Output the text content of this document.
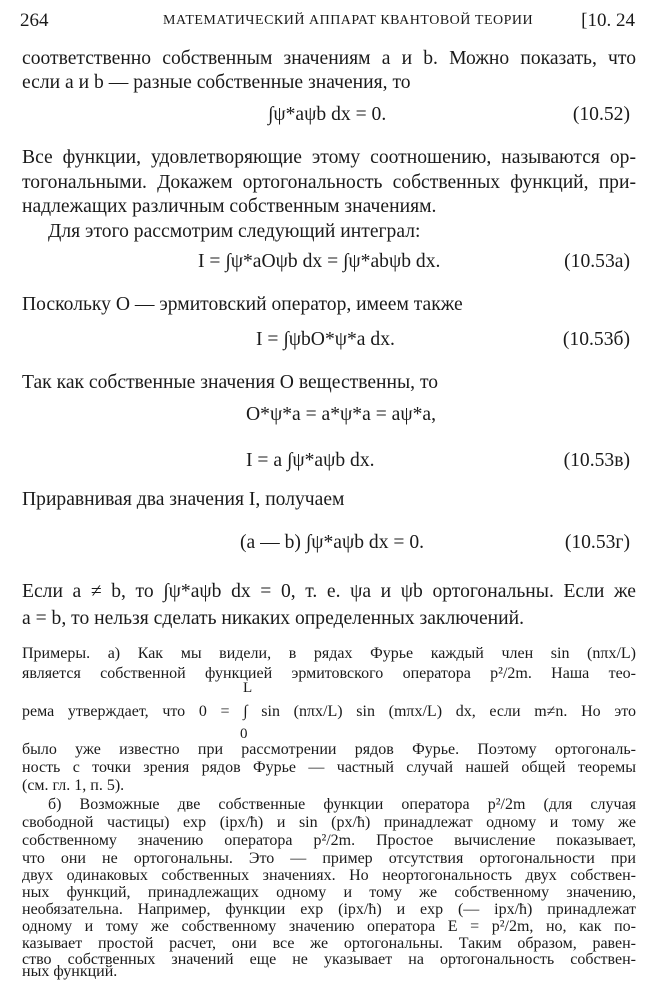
264	МАТЕМАТИЧЕСКИЙ АППАРАТ КВАНТОВОЙ ТЕОРИИ	[10. 24
соответственно собственным значениям a и b. Можно показать, что
если a и b — разные собственные значения, то
∫ψ*aψb dx = 0.	(10.52)
Все функции, удовлетворяющие этому соотношению, называются ор-
тогональными. Докажем ортогональность собственных функций, при-
надлежащих различным собственным значениям.
Для этого рассмотрим следующий интеграл:
I = ∫ψ*aOψb dx = ∫ψ*abψb dx.	(10.53а)
Поскольку O — эрмитовский оператор, имеем также
I = ∫ψbO*ψ*a dx.	(10.53б)
Так как собственные значения O вещественны, то
O*ψ*a = a*ψ*a = aψ*a,
I = a ∫ψ*aψb dx.	(10.53в)
Приравнивая два значения I, получаем
(a — b) ∫ψ*aψb dx = 0.	(10.53г)
Если a ≠ b, то ∫ψ*aψb dx = 0, т. е. ψa и ψb ортогональны. Если же
a = b, то нельзя сделать никаких определенных заключений.
Примеры. а) Как мы видели, в рядах Фурье каждый член sin (nπx/L)
является собственной функцией эрмитовского оператора p²/2m. Наша тео-
L
рема утверждает, что 0 = ∫ sin (nπx/L) sin (mπx/L) dx, если m≠n. Но это
0
было уже известно при рассмотрении рядов Фурье. Поэтому ортогональ-
ность с точки зрения рядов Фурье — частный случай нашей общей теоремы
(см. гл. 1, п. 5).
б) Возможные две собственные функции оператора p²/2m (для случая
свободной частицы) exp (ipx/ħ) и sin (px/ħ) принадлежат одному и тому же
собственному значению оператора p²/2m. Простое вычисление показывает,
что они не ортогональны. Это — пример отсутствия ортогональности при
двух одинаковых собственных значениях. Но неортогональность двух собствен-
ных функций, принадлежащих одному и тому же собственному значению,
необязательна. Например, функции exp (ipx/ħ) и exp (— ipx/ħ) принадлежат
одному и тому же собственному значению оператора E = p²/2m, но, как по-
казывает простой расчет, они все же ортогональны. Таким образом, равен-
ство собственных значений еще не указывает на ортогональность собствен-
ных функций.
